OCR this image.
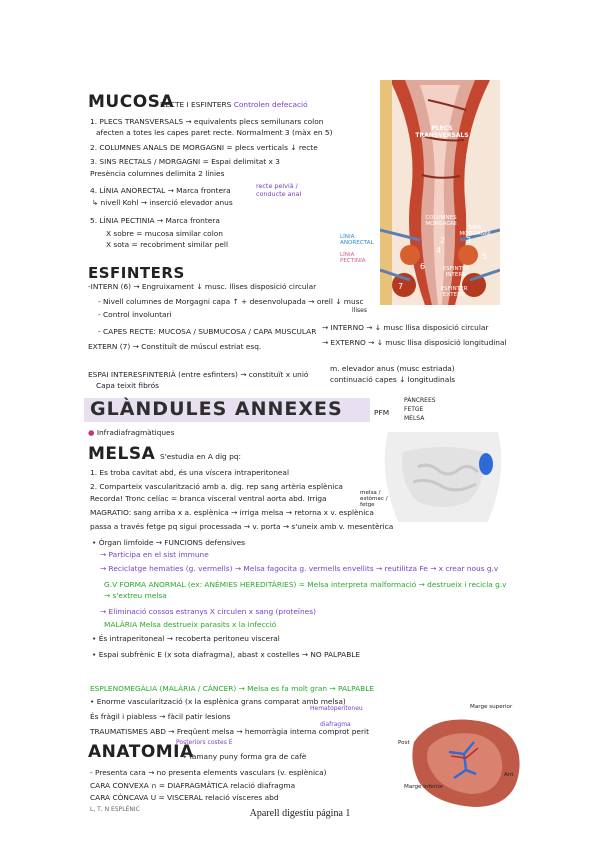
MUCOSA
RECTE I ESFINTERS Controlen defecació
1. PLECS TRANSVERSALS → equivalents plecs semilunars colon
afecten a totes les capes paret recte. Normalment 3 (màx en 5)
2. COLUMNES ANALS DE MORGAGNI = plecs verticals ↓ recte
3. SINS RECTALS / MORGAGNI = Espai delimitat x 3
Presència columnes delimita 2 línies
4. LÍNIA ANORECTAL → Marca frontera	recte pelvià / conducte anal
↳ nivell Kohl → inserció elevador anus
5. LÍNIA PECTINIA → Marca frontera
X sobre = mucosa similar colon
X sota = recobriment similar pell
PLECS TRANSVERSALS
COLUMNES MORGAGNI
SINS MORGAGNI
LÍNIA ANORECTAL
LÍNIA PECTINIA
ESFINTER INTERN
ESFINTER EXTERN
2	3
4
5
6
7
ESFINTERS
-INTERN (6) → Engruixament ↓ musc. llises disposició circular
- Nivell columnes de Morgagni capa ↑ + desenvolupada → orell ↓ musc
llises
- Control involuntari
- CAPES RECTE: MUCOSA / SUBMUCOSA / CAPA MUSCULAR → INTERNO → ↓ musc llisa disposició circular
→ EXTERNO → ↓ musc llisa disposició longitudinal
EXTERN (7) → Constituït de múscul estriat esq.
ESPAI INTERESFINTERIÀ (entre esfinters) → constituït x unió
m. elevador anus (musc estriada)
continuació capes ↓ longitudinals
Capa teixit fibrós
GLÀNDULES ANNEXES	PFM
PÀNCREES
FETGE
MELSA
● Infradiafragmàtiques
MELSA S'estudia en A dig pq:
1. Es troba cavitat abd, és una víscera intraperitoneal
2. Comparteix vascularització amb a. dig. rep sang artèria esplènica
Recorda! Tronc celíac = branca visceral ventral aorta abd. Irriga
melsa / estómac / fetge
MAGRATIO: sang arriba x a. esplènica → irriga melsa → retorna x v. esplènica
passa a través fetge pq sigui processada → v. porta → s'uneix amb v. mesentèrica
• Òrgan limfoide → FUNCIONS defensives
→ Participa en el sist immune
→ Reciclatge hematies (g. vermells) → Melsa fagocita g. vermells envellits → reutilitza Fe → x crear nous g.v
G.V FORMA ANORMAL (ex: ANÈMIES HEREDITÀRIES) = Melsa interpreta malformació → destrueix i recicla g.v
→ s'extreu melsa
→ Eliminació cossos estranys X circulen x sang (proteïnes)
MALÀRIA Melsa destrueix parasits x la infecció
• És intraperitoneal → recoberta peritoneu visceral
• Espai subfrènic E (x sota diafragma), abast x costelles → NO PALPABLE
ESPLENOMEGÀLIA (MALÀRIA / CÀNCER) → Melsa es fa molt gran → PALPABLE
• Enorme vascularització (x la esplènica grans comparat amb melsa)
Hematoperitoneu
És fràgil i piabless → fàcil patir lesions
TRAUMATISMES ABD → Freqüent melsa → hemorràgia interna comprot perit
diafragma
Posteriors costes E
ANATOMIA
→ Tamany puny forma gra de cafè
- Presenta cara → no presenta elements vasculars (v. esplènica)
CARA CONVEXA ∩ = DIAFRAGMÀTICA relació diafragma
CARA CÒNCAVA U = VISCERAL relació vísceres abd
L, T, N ESPLÈNIC
Marge superior
Post
Ant
Marge inferior
Aparell digestiu página 1
